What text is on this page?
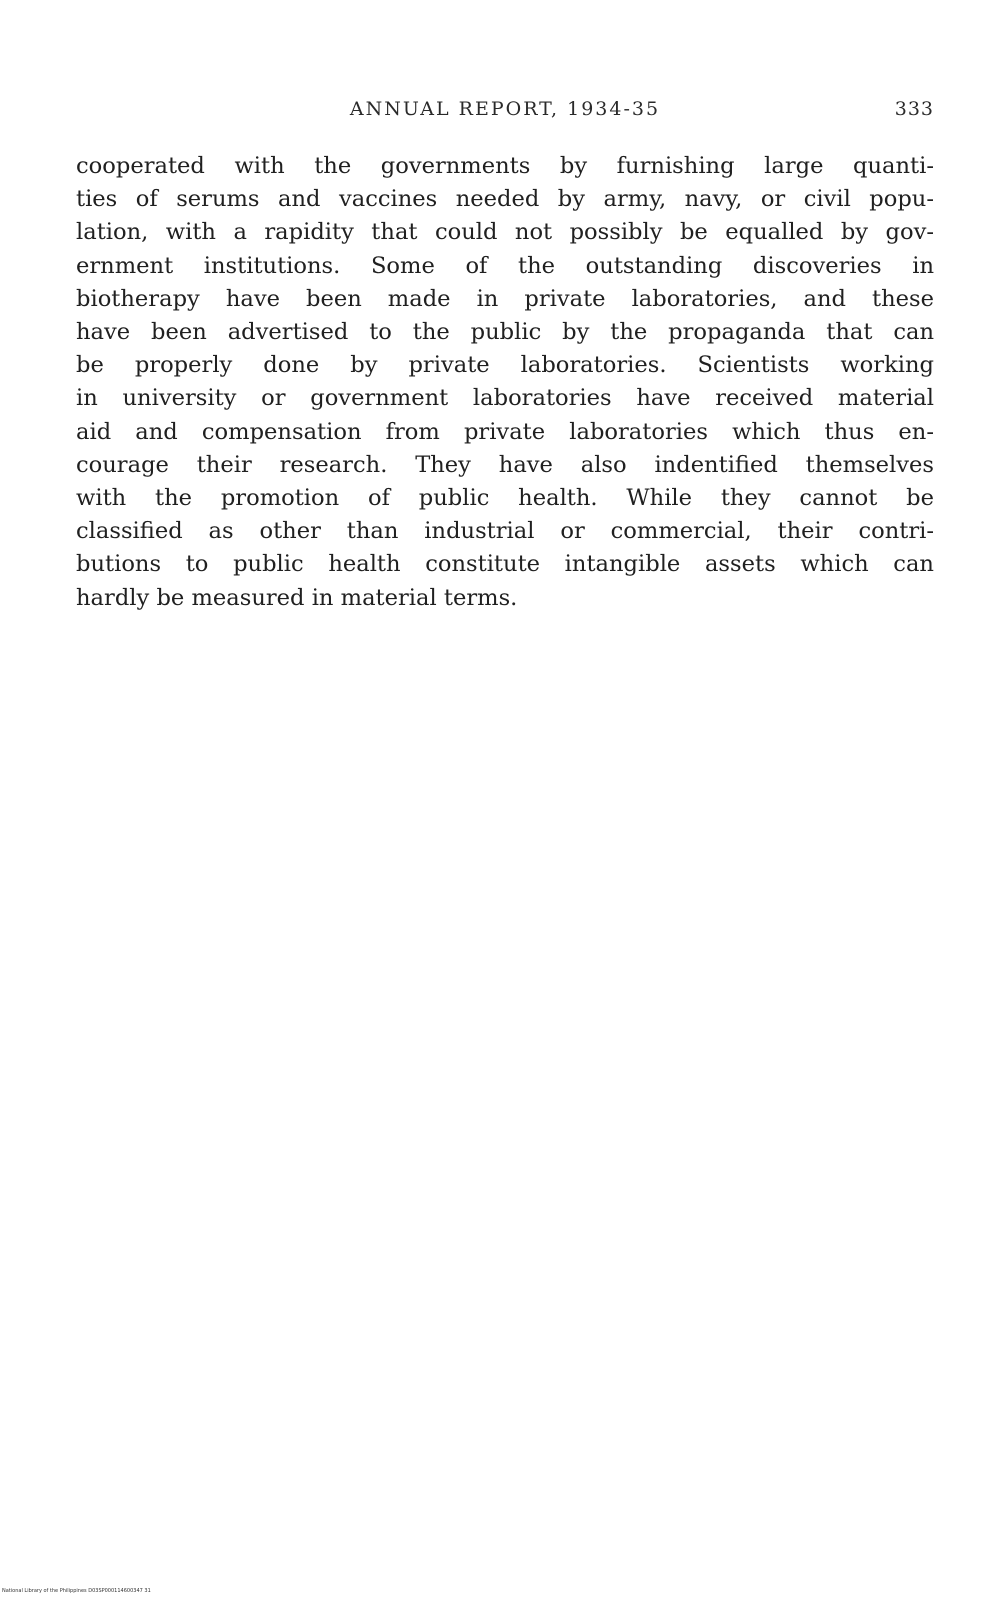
ANNUAL REPORT, 1934-35	333
cooperated with the governments by furnishing large quanti-
ties of serums and vaccines needed by army, navy, or civil popu-
lation, with a rapidity that could not possibly be equalled by gov-
ernment institutions. Some of the outstanding discoveries in
biotherapy have been made in private laboratories, and these
have been advertised to the public by the propaganda that can
be properly done by private laboratories. Scientists working
in university or government laboratories have received material
aid and compensation from private laboratories which thus en-
courage their research. They have also indentified themselves
with the promotion of public health. While they cannot be
classified as other than industrial or commercial, their contri-
butions to public health constitute intangible assets which can
hardly be measured in material terms.
National Library of the Philippines D03SP000114600347 31
